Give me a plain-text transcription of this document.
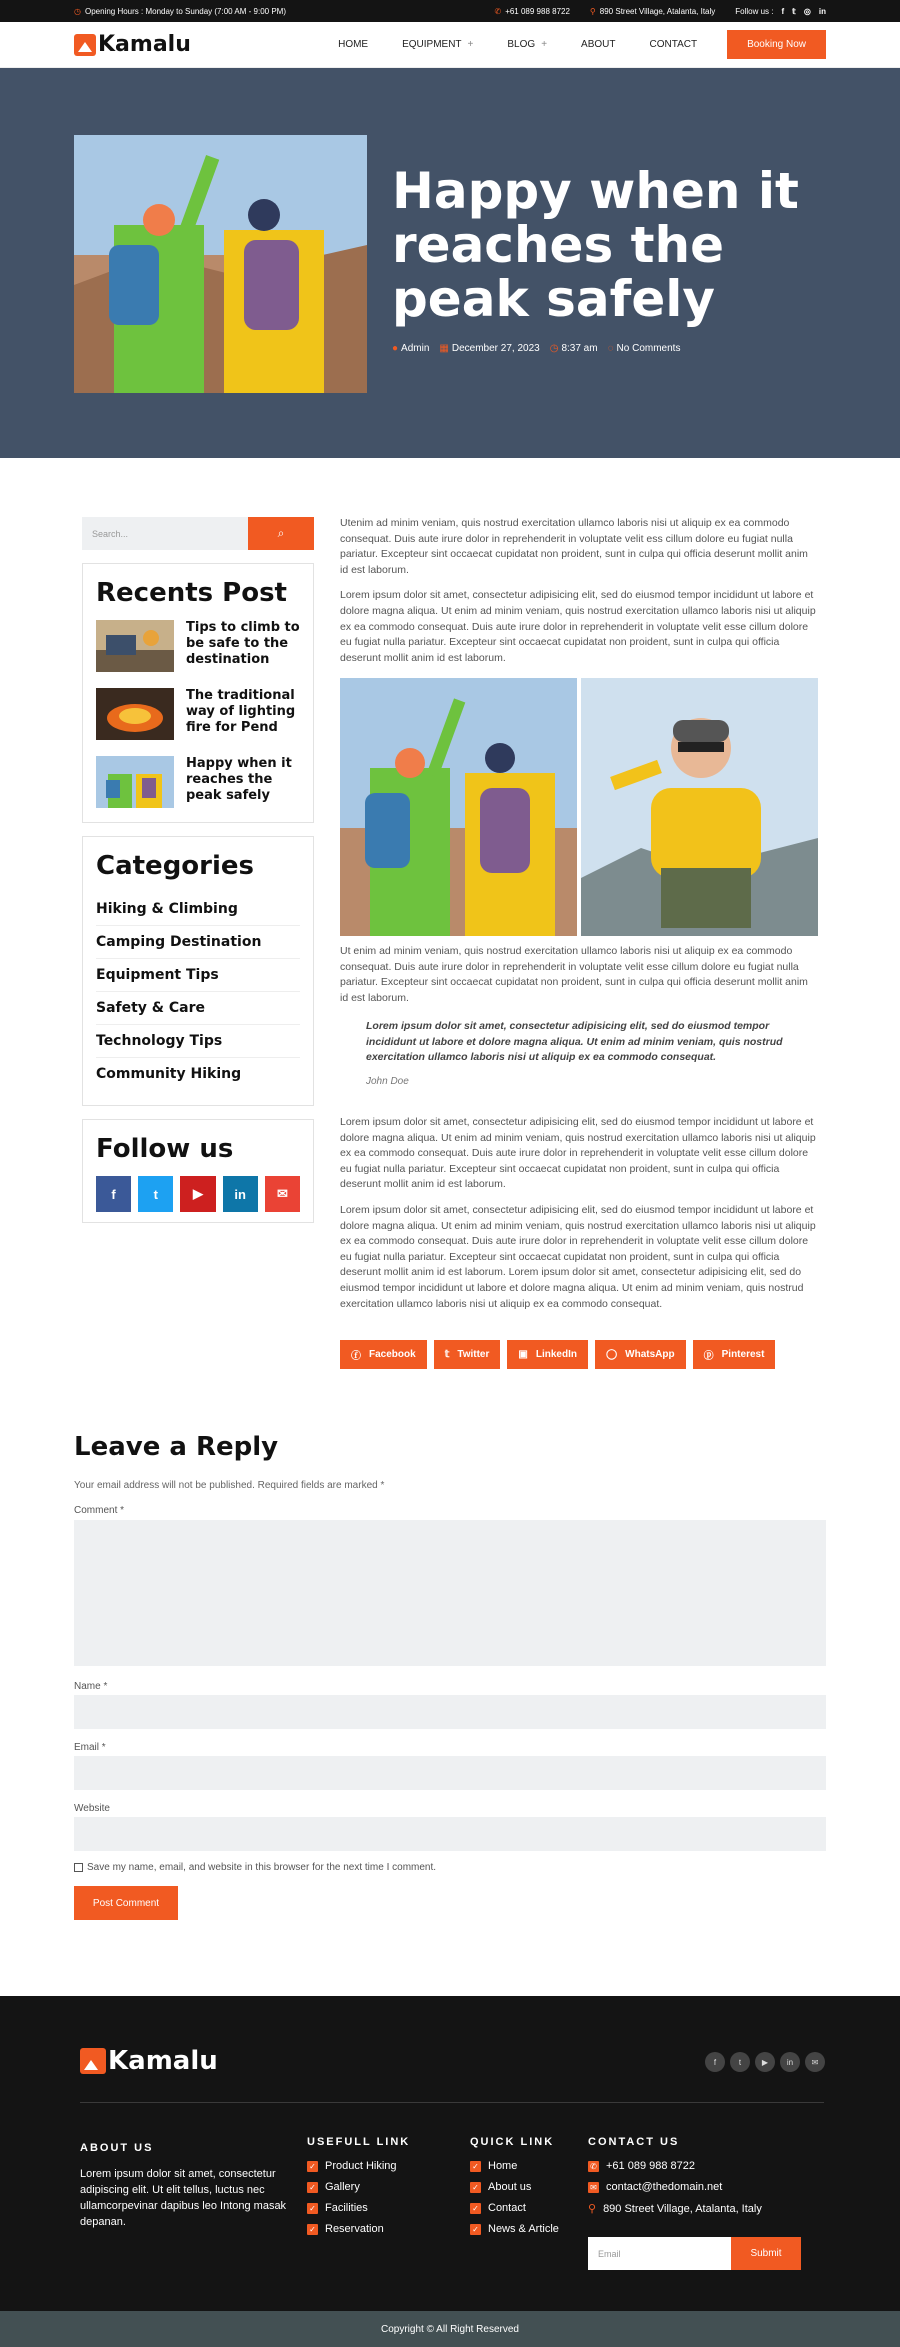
◷ Opening Hours : Monday to Sunday (7:00 AM - 9:00 PM)	✆ +61 089 988 8722	⚲ 890 Street Village, Atalanta, Italy	Follow us : f 𝕥 ◎ in
Kamalu	HOME	EQUIPMENT +	BLOG +	ABOUT	CONTACT	Booking Now
Happy when it reaches the peak safely
● Admin ▦ December 27, 2023 ◷ 8:37 am ◌ No Comments
Search...	⌕
Recents Post
Tips to climb to be safe to the destination
The traditional way of lighting fire for Pend
Happy when it reaches the peak safely
Categories
Hiking & Climbing
Camping Destination
Equipment Tips
Safety & Care
Technology Tips
Community Hiking
Follow us
f	t	▶ in ✉

Utenim ad minim veniam, quis nostrud exercitation ullamco laboris nisi ut aliquip ex ea commodo consequat. Duis aute irure dolor in reprehenderit in voluptate velit ess cillum dolore eu fugiat nulla pariatur. Excepteur sint occaecat cupidatat non proident, sunt in culpa qui officia deserunt mollit anim id est laborum.

Lorem ipsum dolor sit amet, consectetur adipisicing elit, sed do eiusmod tempor incididunt ut labore et dolore magna aliqua. Ut enim ad minim veniam, quis nostrud exercitation ullamco laboris nisi ut aliquip ex ea commodo consequat. Duis aute irure dolor in reprehenderit in voluptate velit esse cillum dolore eu fugiat nulla pariatur. Excepteur sint occaecat cupidatat non proident, sunt in culpa qui officia deserunt mollit anim id est laborum.

Ut enim ad minim veniam, quis nostrud exercitation ullamco laboris nisi ut aliquip ex ea commodo consequat. Duis aute irure dolor in reprehenderit in voluptate velit esse cillum dolore eu fugiat nulla pariatur. Excepteur sint occaecat cupidatat non proident, sunt in culpa qui officia deserunt mollit anim id est laborum.

Lorem ipsum dolor sit amet, consectetur adipisicing elit, sed do eiusmod tempor incididunt ut labore et dolore magna aliqua. Ut enim ad minim veniam, quis nostrud exercitation ullamco laboris nisi ut aliquip ex ea commodo consequat.
John Doe

Lorem ipsum dolor sit amet, consectetur adipisicing elit, sed do eiusmod tempor incididunt ut labore et dolore magna aliqua. Ut enim ad minim veniam, quis nostrud exercitation ullamco laboris nisi ut aliquip ex ea commodo consequat. Duis aute irure dolor in reprehenderit in voluptate velit esse cillum dolore eu fugiat nulla pariatur. Excepteur sint occaecat cupidatat non proident, sunt in culpa qui officia deserunt mollit anim id est laborum.

Lorem ipsum dolor sit amet, consectetur adipisicing elit, sed do eiusmod tempor incididunt ut labore et dolore magna aliqua. Ut enim ad minim veniam, quis nostrud exercitation ullamco laboris nisi ut aliquip ex ea commodo consequat. Duis aute irure dolor in reprehenderit in voluptate velit esse cillum dolore eu fugiat nulla pariatur. Excepteur sint occaecat cupidatat non proident, sunt in culpa qui officia deserunt mollit anim id est laborum. Lorem ipsum dolor sit amet, consectetur adipisicing elit, sed do eiusmod tempor incididunt ut labore et dolore magna aliqua. Ut enim ad minim veniam, quis nostrud exercitation ullamco laboris nisi ut aliquip ex ea commodo consequat.

ⓕ Facebook	𝕥 Twitter	▣ LinkedIn	◯ WhatsApp	ⓟ Pinterest
Leave a Reply
Your email address will not be published. Required fields are marked *
Comment *
Name *
Email *
Website
Save my name, email, and website in this browser for the next time I comment.
Post Comment
Kamalu	f	t	▶	in	✉
ABOUT US
Lorem ipsum dolor sit amet, consectetur adipiscing elit. Ut elit tellus, luctus nec ullamcorpevinar dapibus leo Intong masak depanan.
USEFULL LINK
✓ Product Hiking
✓ Gallery
✓ Facilities
✓ Reservation
QUICK LINK
✓ Home
✓ About us
✓ Contact
✓ News & Article
CONTACT US
✆ +61 089 988 8722
✉ contact@thedomain.net
⚲ 890 Street Village, Atalanta, Italy
Email	Submit
Copyright © All Right Reserved
